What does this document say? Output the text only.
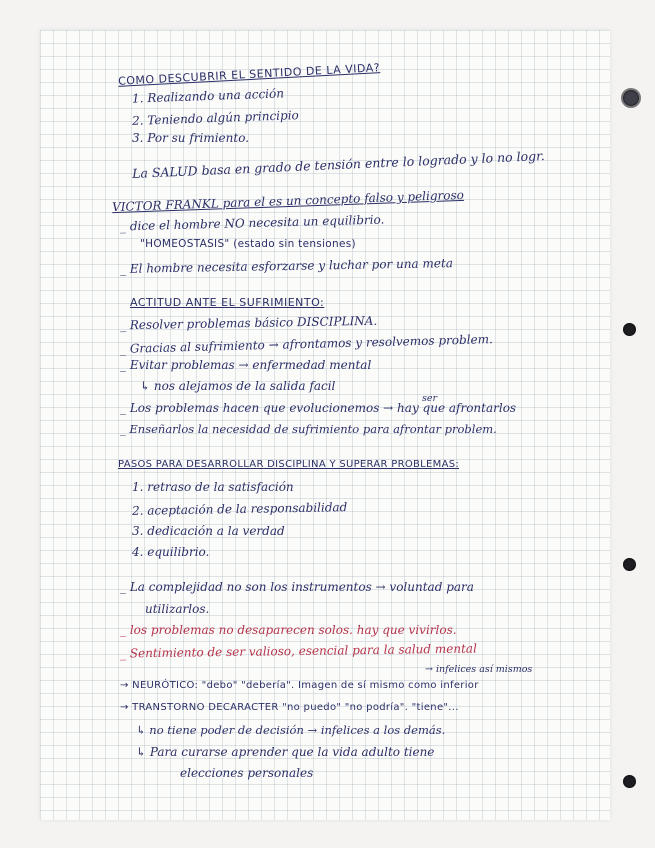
COMO DESCUBRIR EL SENTIDO DE LA VIDA?
1. Realizando una acción
2. Teniendo algún principio
3. Por su frimiento.
La SALUD basa en grado de tensión entre lo logrado y lo no logr.
VICTOR FRANKL para el es un concepto falso y peligroso
_ dice el hombre NO necesita un equilibrio.
"HOMEOSTASIS" (estado sin tensiones)
_ El hombre necesita esforzarse y luchar por una meta
ACTITUD ANTE EL SUFRIMIENTO:
_ Resolver problemas básico DISCIPLINA.
_ Gracias al sufrimiento → afrontamos y resolvemos problem.
_ Evitar problemas → enfermedad mental
↳ nos alejamos de la salida facil
ser
_ Los problemas hacen que evolucionemos → hay que afrontarlos
_ Enseñarlos la necesidad de sufrimiento para afrontar problem.
PASOS PARA DESARROLLAR DISCIPLINA Y SUPERAR PROBLEMAS:
1. retraso de la satisfación
2. aceptación de la responsabilidad
3. dedicación a la verdad
4. equilibrio.
_ La complejidad no son los instrumentos → voluntad para
utilizarlos.
_ los problemas no desaparecen solos. hay que vivirlos.
_ Sentimiento de ser valioso, esencial para la salud mental
→ infelices así mismos
→ NEURÓTICO: "debo" "debería". Imagen de sí mismo como inferior
→ TRANSTORNO DECARACTER "no puedo" "no podría". "tiene"...
↳ no tiene poder de decisión → infelices a los demás.
↳ Para curarse aprender que la vida adulto tiene
elecciones personales
